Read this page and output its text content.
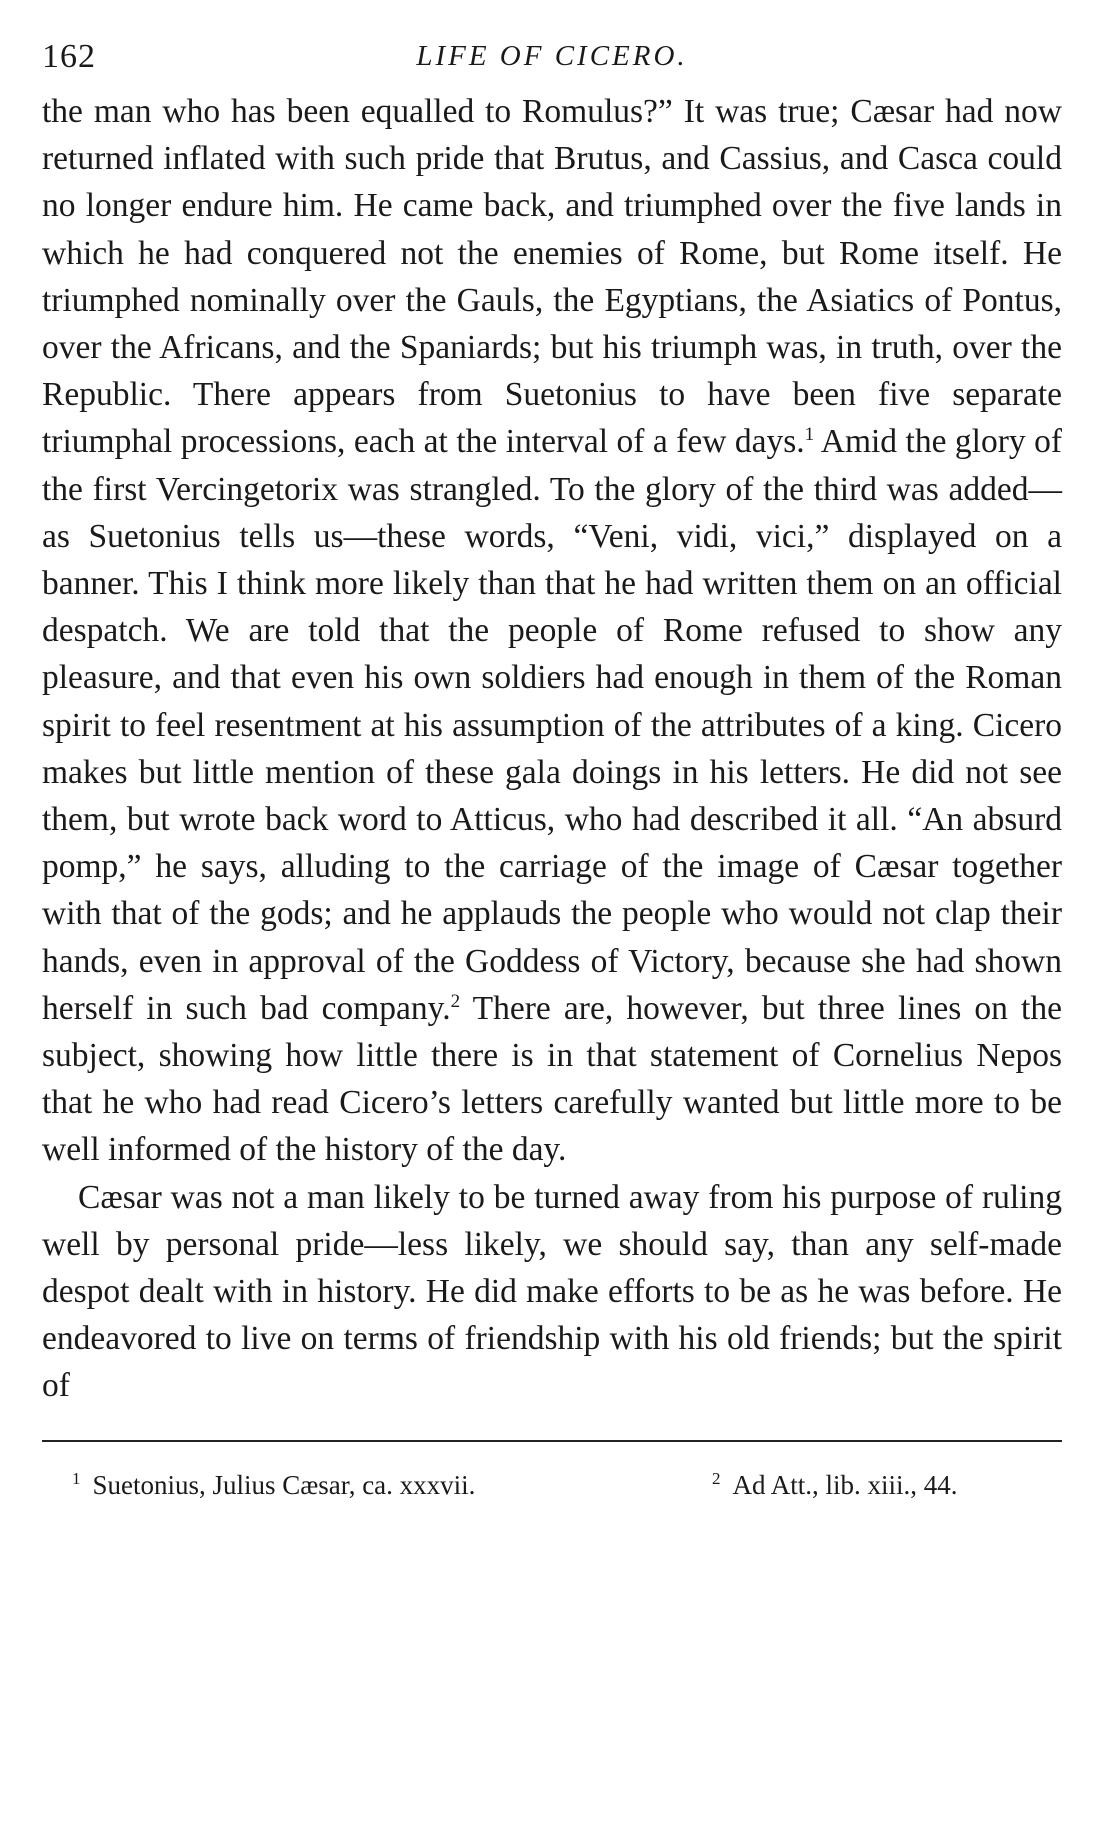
162	LIFE OF CICERO.

the man who has been equalled to Romulus?” It was true; Cæsar had now returned inflated with such pride that Brutus, and Cassius, and Casca could no longer endure him. He came back, and triumphed over the five lands in which he had conquered not the enemies of Rome, but Rome itself. He triumphed nominally over the Gauls, the Egyptians, the Asiatics of Pontus, over the Africans, and the Spaniards; but his triumph was, in truth, over the Republic. There appears from Suetonius to have been five separate triumphal processions, each at the interval of a few days.$^1$ Amid the glory of the first Vercingetorix was strangled. To the glory of the third was added—as Suetonius tells us—these words, “Veni, vidi, vici,” displayed on a banner. This I think more likely than that he had written them on an official despatch. We are told that the people of Rome refused to show any pleasure, and that even his own soldiers had enough in them of the Roman spirit to feel resentment at his assumption of the attributes of a king. Cicero makes but little mention of these gala doings in his letters. He did not see them, but wrote back word to Atticus, who had described it all. “An absurd pomp,” he says, alluding to the carriage of the image of Cæsar together with that of the gods; and he applauds the people who would not clap their hands, even in approval of the Goddess of Victory, because she had shown herself in such bad company.$^2$ There are, however, but three lines on the subject, showing how little there is in that statement of Cornelius Nepos that he who had read Cicero’s letters carefully wanted but little more to be well informed of the history of the day.

Cæsar was not a man likely to be turned away from his purpose of ruling well by personal pride—less likely, we should say, than any self-made despot dealt with in history. He did make efforts to be as he was before. He endeavored to live on terms of friendship with his old friends; but the spirit of

$^1$ Suetonius, Julius Cæsar, ca. xxxvii.	$^2$ Ad Att., lib. xiii., 44.
